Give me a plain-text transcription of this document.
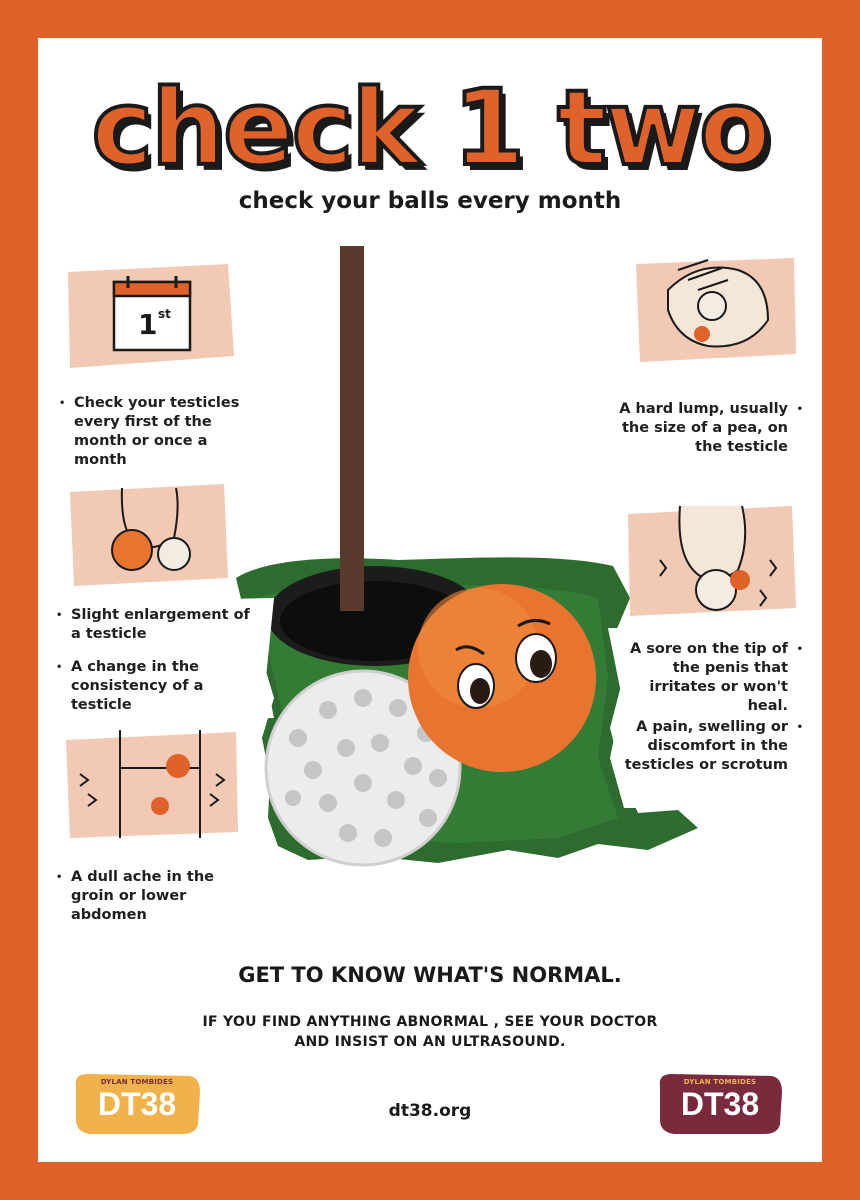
check 1 two
check your balls every month
1 st
• Check your testicles every first of the month or once a month
• Slight enlargement of a testicle
• A change in the consistency of a testicle
• A dull ache in the groin or lower abdomen
•
A hard lump, usually the size of a pea, on the testicle
•
A sore on the tip of the penis that irritates or won't heal.
•
A pain, swelling or discomfort in the testicles or scrotum
GET TO KNOW WHAT'S NORMAL.
IF YOU FIND ANYTHING ABNORMAL , SEE YOUR DOCTOR
AND INSIST ON AN ULTRASOUND.
dt38.org
DYLAN TOMBIDES
DT38
DYLAN TOMBIDES
DT38
